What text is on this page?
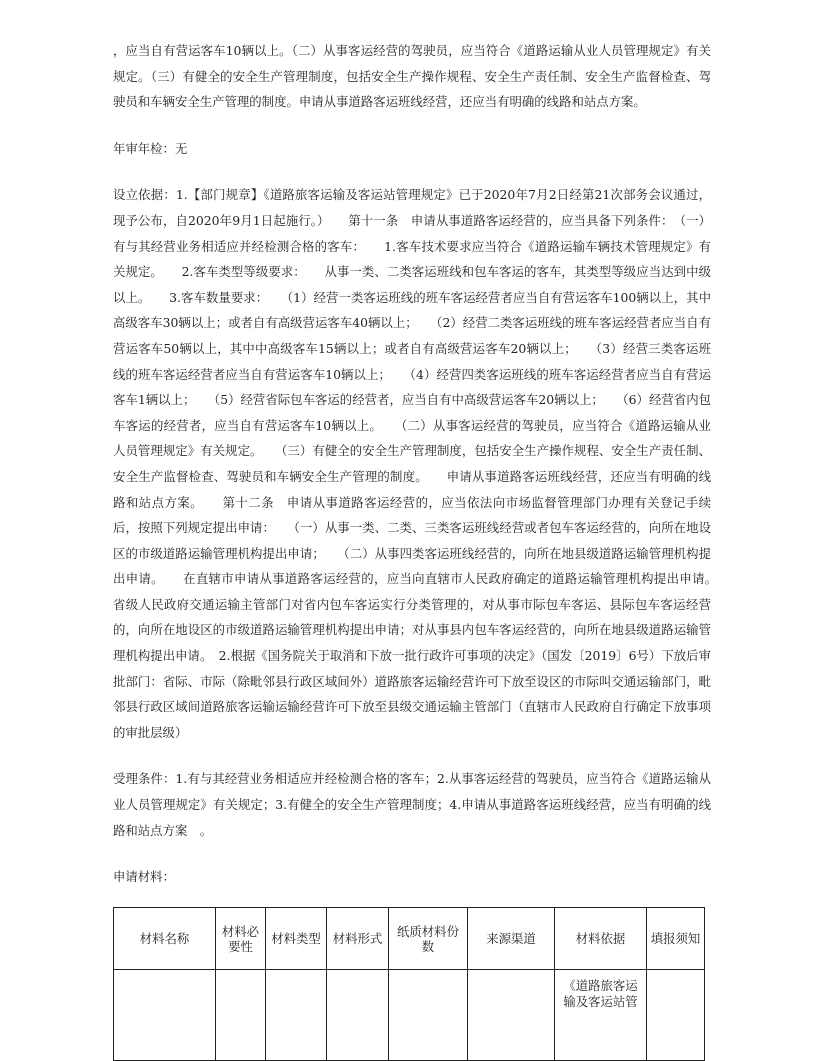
，应当自有营运客车10辆以上。（二）从事客运经营的驾驶员，应当符合《道路运输从业人员管理规定》有关规定。（三）有健全的安全生产管理制度，包括安全生产操作规程、安全生产责任制、安全生产监督检查、驾驶员和车辆安全生产管理的制度。申请从事道路客运班线经营，还应当有明确的线路和站点方案。

年审年检：无

设立依据：1.【部门规章】《道路旅客运输及客运站管理规定》已于2020年7月2日经第21次部务会议通过，现予公布，自2020年9月1日起施行。）　　第十一条　申请从事道路客运经营的，应当具备下列条件：　（一）有与其经营业务相适应并经检测合格的客车：　　1.客车技术要求应当符合《道路运输车辆技术管理规定》有关规定。　　2.客车类型等级要求：　　从事一类、二类客运班线和包车客运的客车，其类型等级应当达到中级以上。　　3.客车数量要求：　　（1）经营一类客运班线的班车客运经营者应当自有营运客车100辆以上，其中高级客车30辆以上；或者自有高级营运客车40辆以上；　　（2）经营二类客运班线的班车客运经营者应当自有营运客车50辆以上，其中中高级客车15辆以上；或者自有高级营运客车20辆以上；　　（3）经营三类客运班线的班车客运经营者应当自有营运客车10辆以上；　　（4）经营四类客运班线的班车客运经营者应当自有营运客车1辆以上；　　（5）经营省际包车客运的经营者，应当自有中高级营运客车20辆以上；　　（6）经营省内包车客运的经营者，应当自有营运客车10辆以上。　　（二）从事客运经营的驾驶员，应当符合《道路运输从业人员管理规定》有关规定。　　（三）有健全的安全生产管理制度，包括安全生产操作规程、安全生产责任制、安全生产监督检查、驾驶员和车辆安全生产管理的制度。　　申请从事道路客运班线经营，还应当有明确的线路和站点方案。　　第十二条　申请从事道路客运经营的，应当依法向市场监督管理部门办理有关登记手续后，按照下列规定提出申请：　　（一）从事一类、二类、三类客运班线经营或者包车客运经营的，向所在地设区的市级道路运输管理机构提出申请；　　（二）从事四类客运班线经营的，向所在地县级道路运输管理机构提出申请。　　在直辖市申请从事道路客运经营的，应当向直辖市人民政府确定的道路运输管理机构提出申请。　　省级人民政府交通运输主管部门对省内包车客运实行分类管理的，对从事市际包车客运、县际包车客运经营的，向所在地设区的市级道路运输管理机构提出申请；对从事县内包车客运经营的，向所在地县级道路运输管理机构提出申请。　2.根据《国务院关于取消和下放一批行政许可事项的决定》（国发〔2019〕6号）下放后审批部门：省际、市际（除毗邻县行政区域间外）道路旅客运输经营许可下放至设区的市际叫交通运输部门，毗邻县行政区域间道路旅客运输运输经营许可下放至县级交通运输主管部门（直辖市人民政府自行确定下放事项的审批层级）

受理条件：1.有与其经营业务相适应并经检测合格的客车；2.从事客运经营的驾驶员，应当符合《道路运输从业人员管理规定》有关规定；3.有健全的安全生产管理制度；4.申请从事道路客运班线经营，应当有明确的线路和站点方案　。

申请材料：

材料名称	材料必要性	材料类型	材料形式	纸质材料份数	来源渠道	材料依据	填报须知
						《道路旅客运输及客运站管	
